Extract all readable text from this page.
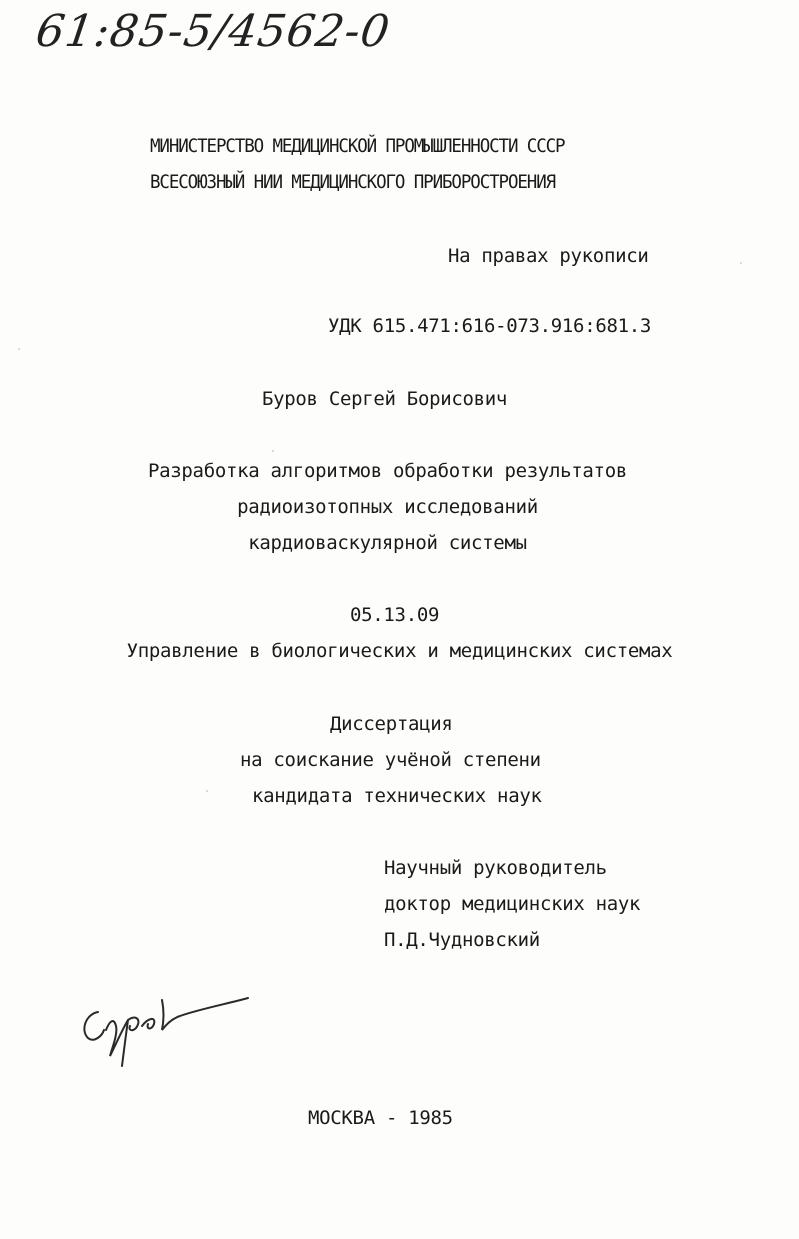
61:85-5/4562-0
МИНИСТЕРСТВО МЕДИЦИНСКОЙ ПРОМЫШЛЕННОСТИ СССР
ВСЕСОЮЗНЫЙ НИИ МЕДИЦИНСКОГО ПРИБОРОСТРОЕНИЯ
На правах рукописи
УДК 615.471:616-073.916:681.3
Буров Сергей Борисович
Разработка алгоритмов обработки результатов
радиоизотопных исследований
кардиоваскулярной системы
05.13.09
Управление в биологических и медицинских системах
Диссертация
на соискание учёной степени
кандидата технических наук
Научный руководитель
доктор медицинских наук
П.Д.Чудновский
МОСКВА - 1985
